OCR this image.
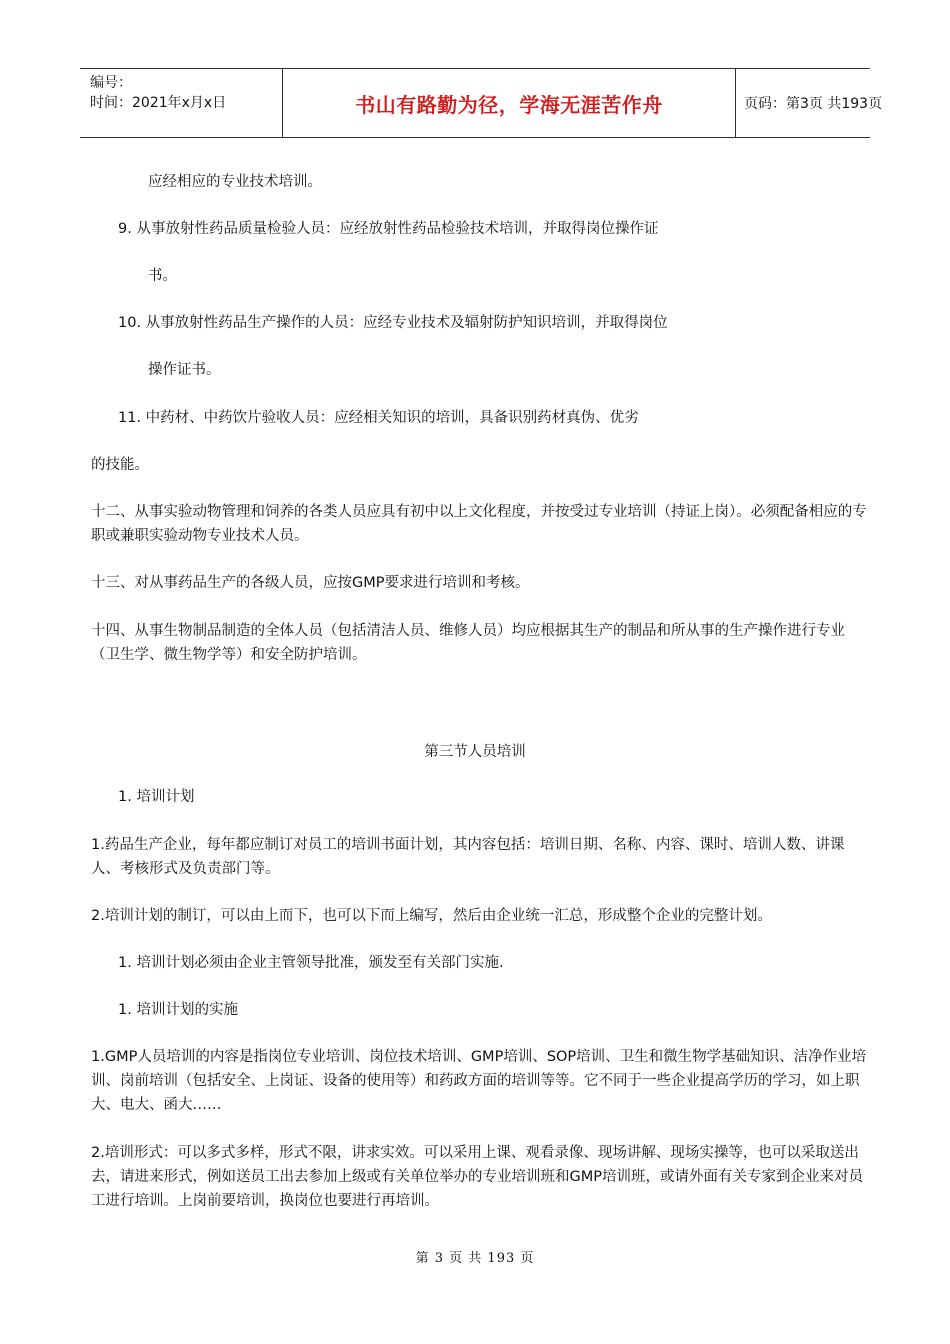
编号：
时间：2021年x月x日	书山有路勤为径，学海无涯苦作舟	页码：第3页 共193页
应经相应的专业技术培训。
9. 从事放射性药品质量检验人员：应经放射性药品检验技术培训，并取得岗位操作证
书。
10. 从事放射性药品生产操作的人员：应经专业技术及辐射防护知识培训，并取得岗位
操作证书。
11. 中药材、中药饮片验收人员：应经相关知识的培训，具备识别药材真伪、优劣
的技能。
十二、从事实验动物管理和饲养的各类人员应具有初中以上文化程度，并按受过专业培训（持证上岗）。必须配备相应的专职或兼职实验动物专业技术人员。
十三、对从事药品生产的各级人员，应按GMP要求进行培训和考核。
十四、从事生物制品制造的全体人员（包括清洁人员、维修人员）均应根据其生产的制品和所从事的生产操作进行专业（卫生学、微生物学等）和安全防护培训。
第三节人员培训
1. 培训计划
1.药品生产企业，每年都应制订对员工的培训书面计划，其内容包括：培训日期、名称、内容、课时、培训人数、讲课人、考核形式及负责部门等。
2.培训计划的制订，可以由上而下，也可以下而上编写，然后由企业统一汇总，形成整个企业的完整计划。
1. 培训计划必须由企业主管领导批准，颁发至有关部门实施.
1. 培训计划的实施
1.GMP人员培训的内容是指岗位专业培训、岗位技术培训、GMP培训、SOP培训、卫生和微生物学基础知识、洁净作业培训、岗前培训（包括安全、上岗证、设备的使用等）和药政方面的培训等等。它不同于一些企业提高学历的学习，如上职大、电大、函大……
2.培训形式：可以多式多样，形式不限，讲求实效。可以采用上课、观看录像、现场讲解、现场实操等，也可以采取送出去，请进来形式，例如送员工出去参加上级或有关单位举办的专业培训班和GMP培训班，或请外面有关专家到企业来对员工进行培训。上岗前要培训，换岗位也要进行再培训。
第 3 页 共 193 页
